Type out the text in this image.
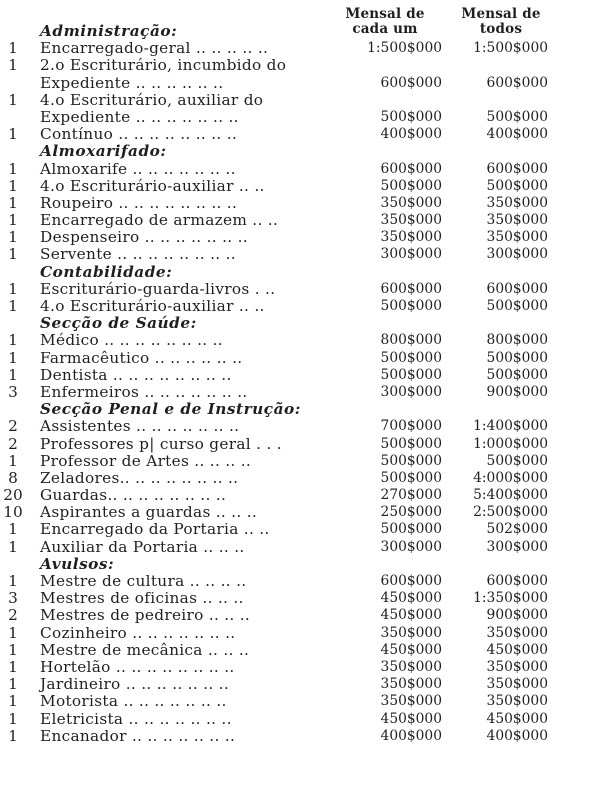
Mensal de
cada um
Mensal de
todos
Administração:
1	Encarregado-geral .. .. .. .. ..	1:500$000	1:500$000
1	2.o Escriturário, incumbido do
Expediente .. .. .. .. .. ..	600$000	600$000
1	4.o Escriturário, auxiliar do
Expediente .. .. .. .. .. .. ..	500$000	500$000
1	Contínuo .. .. .. .. .. .. .. ..	400$000	400$000
Almoxarifado:
1	Almoxarife .. .. .. .. .. .. ..	600$000	600$000
1	4.o Escriturário-auxiliar .. ..	500$000	500$000
1	Roupeiro .. .. .. .. .. .. .. ..	350$000	350$000
1	Encarregado de armazem .. ..	350$000	350$000
1	Despenseiro .. .. .. .. .. .. ..	350$000	350$000
1	Servente .. .. .. .. .. .. .. ..	300$000	300$000
Contabilidade:
1	Escriturário-guarda-livros . ..	600$000	600$000
1	4.o Escriturário-auxiliar .. ..	500$000	500$000
Secção de Saúde:
1	Médico .. .. .. .. .. .. .. ..	800$000	800$000
1	Farmacêutico .. .. .. .. .. ..	500$000	500$000
1	Dentista .. .. .. .. .. .. .. ..	500$000	500$000
3	Enfermeiros .. .. .. .. .. .. ..	300$000	900$000
Secção Penal e de Instrução:
2	Assistentes .. .. .. .. .. .. ..	700$000	1:400$000
2	Professores p| curso geral . . .	500$000	1:000$000
1	Professor de Artes .. .. .. ..	500$000	500$000
8	Zeladores.. .. .. .. .. .. .. ..	500$000	4:000$000
20 Guardas.. .. .. .. .. .. .. ..	270$000	5:400$000
10 Aspirantes a guardas .. .. ..	250$000	2:500$000
1	Encarregado da Portaria .. ..	500$000	502$000
1	Auxiliar da Portaria .. .. ..	300$000	300$000
Avulsos:
1	Mestre de cultura .. .. .. ..	600$000	600$000
3	Mestres de oficinas .. .. ..	450$000	1:350$000
2	Mestres de pedreiro .. .. ..	450$000	900$000
1	Cozinheiro .. .. .. .. .. .. ..	350$000	350$000
1	Mestre de mecânica .. .. ..	450$000	450$000
1	Hortelão .. .. .. .. .. .. .. ..	350$000	350$000
1	Jardineiro .. .. .. .. .. .. ..	350$000	350$000
1	Motorista .. .. .. .. .. .. ..	350$000	350$000
1	Eletricista .. .. .. .. .. .. ..	450$000	450$000
1	Encanador .. .. .. .. .. .. ..	400$000	400$000
